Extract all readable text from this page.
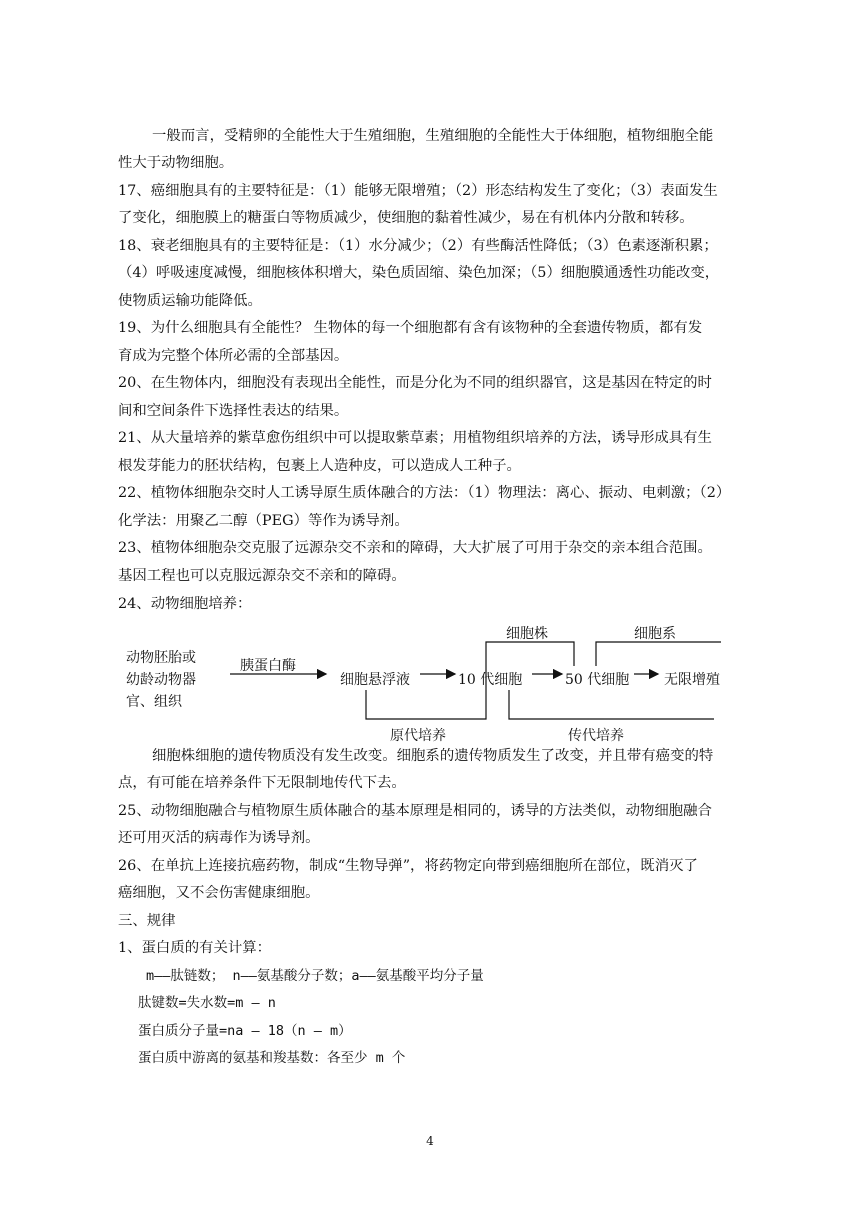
一般而言，受精卵的全能性大于生殖细胞，生殖细胞的全能性大于体细胞，植物细胞全能
性大于动物细胞。
17、癌细胞具有的主要特征是：（1）能够无限增殖；（2）形态结构发生了变化；（3）表面发生
了变化，细胞膜上的糖蛋白等物质减少，使细胞的黏着性减少，易在有机体内分散和转移。
18、衰老细胞具有的主要特征是：（1）水分减少；（2）有些酶活性降低；（3）色素逐渐积累；
（4）呼吸速度减慢，细胞核体积增大，染色质固缩、染色加深；（5）细胞膜通透性功能改变，
使物质运输功能降低。
19、为什么细胞具有全能性？ 生物体的每一个细胞都有含有该物种的全套遗传物质，都有发
育成为完整个体所必需的全部基因。
20、在生物体内，细胞没有表现出全能性，而是分化为不同的组织器官，这是基因在特定的时
间和空间条件下选择性表达的结果。
21、从大量培养的紫草愈伤组织中可以提取紫草素；用植物组织培养的方法，诱导形成具有生
根发芽能力的胚状结构，包裹上人造种皮，可以造成人工种子。
22、植物体细胞杂交时人工诱导原生质体融合的方法：（1）物理法：离心、振动、电刺激；（2）
化学法：用聚乙二醇（PEG）等作为诱导剂。
23、植物体细胞杂交克服了远源杂交不亲和的障碍，大大扩展了可用于杂交的亲本组合范围。
基因工程也可以克服远源杂交不亲和的障碍。
24、动物细胞培养：
动物胚胎或
幼龄动物器
官、组织
胰蛋白酶
细胞悬浮液	10 代细胞	50 代细胞 无限增殖
细胞株	细胞系
原代培养	传代培养
细胞株细胞的遗传物质没有发生改变。细胞系的遗传物质发生了改变，并且带有癌变的特
点，有可能在培养条件下无限制地传代下去。
25、动物细胞融合与植物原生质体融合的基本原理是相同的，诱导的方法类似，动物细胞融合
还可用灭活的病毒作为诱导剂。
26、在单抗上连接抗癌药物，制成“生物导弹”，将药物定向带到癌细胞所在部位，既消灭了
癌细胞，又不会伤害健康细胞。
三、规律
1、蛋白质的有关计算：
m——肽链数； n——氨基酸分子数；a——氨基酸平均分子量
肽键数=失水数=m – n
蛋白质分子量=na – 18（n – m）
蛋白质中游离的氨基和羧基数：各至少 m 个
4
